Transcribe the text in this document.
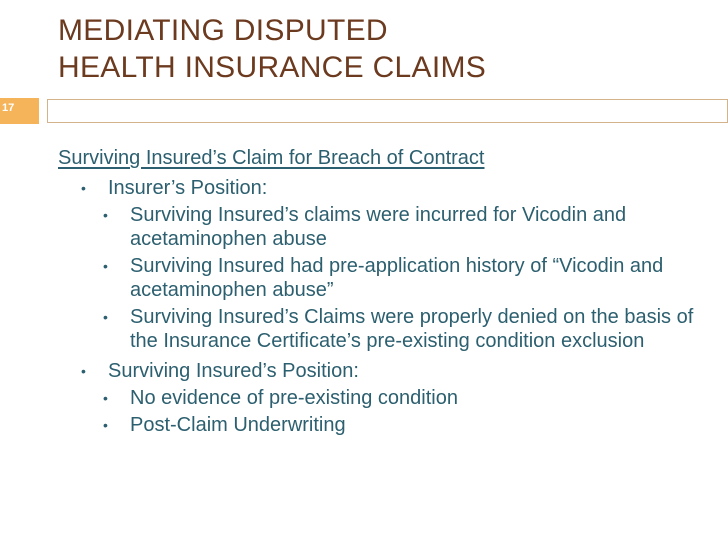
MEDIATING DISPUTED
HEALTH INSURANCE CLAIMS
17
Surviving Insured’s Claim for Breach of Contract
• Insurer’s Position:
• Surviving Insured’s claims were incurred for Vicodin and acetaminophen abuse
• Surviving Insured had pre-application history of “Vicodin and acetaminophen abuse”
• Surviving Insured’s Claims were properly denied on the basis of the Insurance Certificate’s pre-existing condition exclusion
• Surviving Insured’s Position:
• No evidence of pre-existing condition
• Post-Claim Underwriting
